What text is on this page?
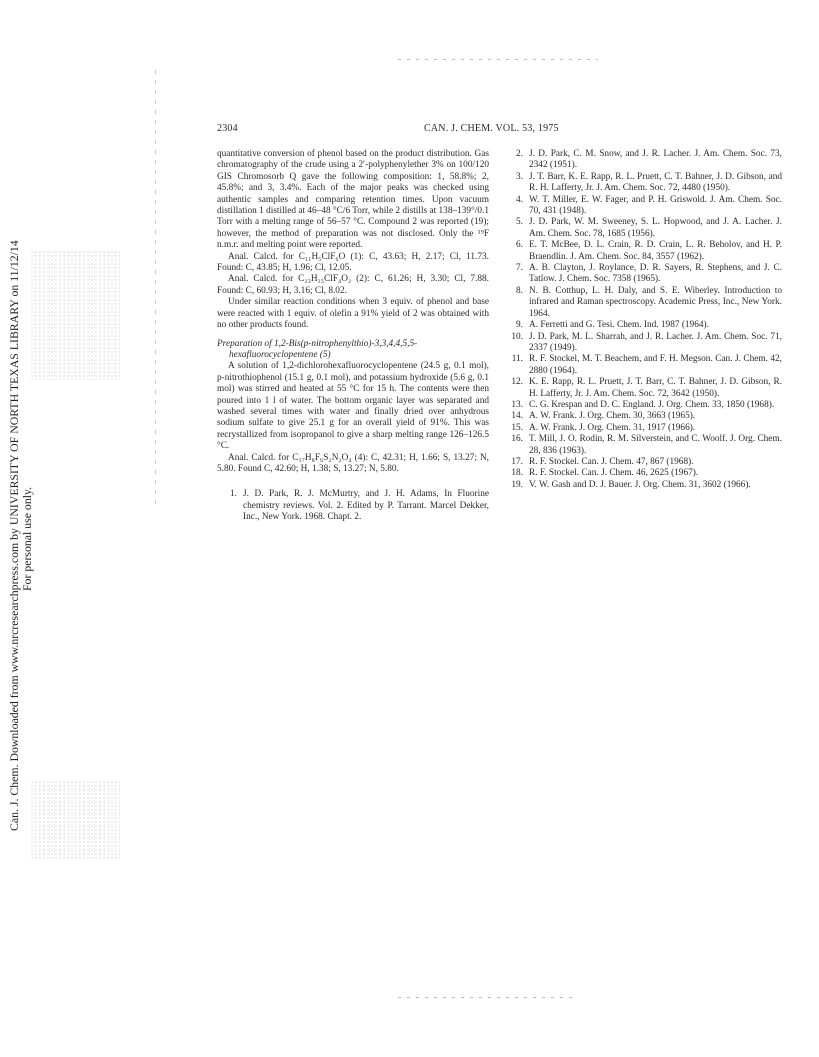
Can. J. Chem. Downloaded from www.nrcresearchpress.com by UNIVERSITY OF NORTH TEXAS LIBRARY on 11/12/14 For personal use only.
2304	CAN. J. CHEM. VOL. 53, 1975

quantitative conversion of phenol based on the product distribution. Gas chromatography of the crude using a 2′-polyphenylether 3% on 100/120 GIS Chromosorb Q gave the following composition: 1, 58.8%; 2, 45.8%; and 3, 3.4%. Each of the major peaks was checked using authentic samples and comparing retention times. Upon vacuum distillation 1 distilled at 46–48 °C/6 Torr, while 2 distills at 138–139°/0.1 Torr with a melting range of 56–57 °C. Compound 2 was reported (19); however, the method of preparation was not disclosed. Only the ¹⁹F n.m.r. and melting point were reported.

Anal. Calcd. for C₁₁H₅ClF₆O (1): C, 43.63; H, 2.17; Cl, 11.73. Found: C, 43.85; H, 1.96; Cl, 12.05.

Anal. Calcd. for C₂₃H₁₅ClF₄O₂ (2): C, 61.26; H, 3.30; Cl, 7.88. Found: C, 60.93; H, 3.16; Cl, 8.02.

Under similar reaction conditions when 3 equiv. of phenol and base were reacted with 1 equiv. of olefin a 91% yield of 2 was obtained with no other products found.

Preparation of 1,2-Bis(p-nitrophenylthio)-3,3,4,4,5,5-
hexafluorocyclopentene (5)

A solution of 1,2-dichlorohexafluorocyclopentene (24.5 g, 0.1 mol), p-nitrothiophenol (15.1 g, 0.1 mol), and potassium hydroxide (5.6 g, 0.1 mol) was stirred and heated at 55 °C for 15 h. The contents were then poured into 1 l of water. The bottom organic layer was separated and washed several times with water and finally dried over anhydrous sodium sulfate to give 25.1 g for an overall yield of 91%. This was recrystallized from isopropanol to give a sharp melting range 126–126.5 °C.

Anal. Calcd. for C₁₇H₈F₆S₂N₂O₄ (4): C, 42.31; H, 1.66; S, 13.27; N, 5.80. Found C, 42.60; H, 1.38; S, 13.27; N, 5.80.

1. J. D. Park, R. J. McMurtry, and J. H. Adams, In Fluorine chemistry reviews. Vol. 2. Edited by P. Tarrant. Marcel Dekker, Inc., New York. 1968. Chapt. 2.
2. J. D. Park, C. M. Snow, and J. R. Lacher. J. Am. Chem. Soc. 73, 2342 (1951).
3. J. T. Barr, K. E. Rapp, R. L. Pruett, C. T. Bahner, J. D. Gibson, and R. H. Lafferty, Jr. J. Am. Chem. Soc. 72, 4480 (1950).
4. W. T. Miller, E. W. Fager, and P. H. Griswold. J. Am. Chem. Soc. 70, 431 (1948).
5. J. D. Park, W. M. Sweeney, S. L. Hopwood, and J. A. Lacher. J. Am. Chem. Soc. 78, 1685 (1956).
6. E. T. McBee, D. L. Crain, R. D. Crain, L. R. Beholov, and H. P. Braendlin. J. Am. Chem. Soc. 84, 3557 (1962).
7. A. B. Clayton, J. Roylance, D. R. Sayers, R. Stephens, and J. C. Tatlow. J. Chem. Soc. 7358 (1965).
8. N. B. Cotthup, L. H. Daly, and S. E. Wiberley. Introduction to infrared and Raman spectroscopy. Academic Press, Inc., New York. 1964.
9. A. Ferretti and G. Tesi. Chem. Ind. 1987 (1964).
10. J. D. Park, M. L. Sharrah, and J. R. Lacher. J. Am. Chem. Soc. 71, 2337 (1949).
11. R. F. Stockel, M. T. Beachem, and F. H. Megson. Can. J. Chem. 42, 2880 (1964).
12. K. E. Rapp, R. L. Pruett, J. T. Barr, C. T. Bahner, J. D. Gibson, R. H. Lafferty, Jr. J. Am. Chem. Soc. 72, 3642 (1950).
13. C. G. Krespan and D. C. England. J. Org. Chem. 33, 1850 (1968).
14. A. W. Frank. J. Org. Chem. 30, 3663 (1965).
15. A. W. Frank. J. Org. Chem. 31, 1917 (1966).
16. T. Mill, J. O. Rodin, R. M. Silverstein, and C. Woolf. J. Org. Chem. 28, 836 (1963).
17. R. F. Stockel. Can. J. Chem. 47, 867 (1968).
18. R. F. Stockel. Can. J. Chem. 46, 2625 (1967).
19. V. W. Gash and D. J. Bauer. J. Org. Chem. 31, 3602 (1966).
